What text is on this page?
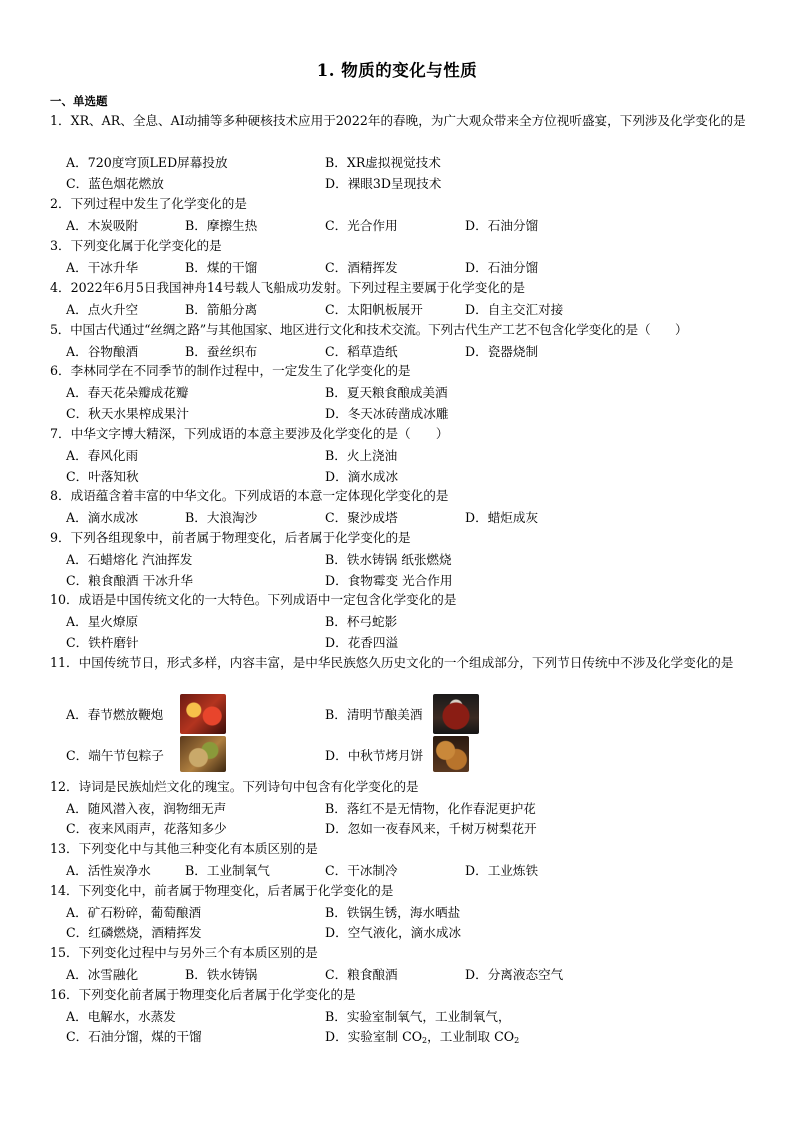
1. 物质的变化与性质
一、单选题
1．XR、AR、全息、AI动捕等多种硬核技术应用于2022年的春晚，为广大观众带来全方位视听盛宴，下列涉及化学变化的是
A．720度穹顶LED屏幕投放	B．XR虚拟视觉技术
C．蓝色烟花燃放	D．裸眼3D呈现技术
2．下列过程中发生了化学变化的是
A．木炭吸附	B．摩擦生热	C．光合作用	D．石油分馏
3．下列变化属于化学变化的是
A．干冰升华	B．煤的干馏	C．酒精挥发	D．石油分馏
4．2022年6月5日我国神舟14号载人飞船成功发射。下列过程主要属于化学变化的是
A．点火升空	B．箭船分离	C．太阳帆板展开	D．自主交汇对接
5．中国古代通过“丝绸之路”与其他国家、地区进行文化和技术交流。下列古代生产工艺不包含化学变化的是（　　）
A．谷物酿酒	B．蚕丝织布	C．稻草造纸	D．瓷器烧制
6．李林同学在不同季节的制作过程中，一定发生了化学变化的是
A．春天花朵瓣成花瓣	B．夏天粮食酿成美酒
C．秋天水果榨成果汁	D．冬天冰砖凿成冰雕
7．中华文字博大精深，下列成语的本意主要涉及化学变化的是（　　）
A．春风化雨	B．火上浇油
C．叶落知秋	D．滴水成冰
8．成语蕴含着丰富的中华文化。下列成语的本意一定体现化学变化的是
A．滴水成冰	B．大浪淘沙	C．聚沙成塔	D．蜡炬成灰
9．下列各组现象中，前者属于物理变化，后者属于化学变化的是
A．石蜡熔化 汽油挥发	B．铁水铸锅 纸张燃烧
C．粮食酿酒 干冰升华	D．食物霉变 光合作用
10．成语是中国传统文化的一大特色。下列成语中一定包含化学变化的是
A．星火燎原	B．杯弓蛇影
C．铁杵磨针	D．花香四溢
11．中国传统节日，形式多样，内容丰富，是中华民族悠久历史文化的一个组成部分，下列节日传统中不涉及化学变化的是
A．春节燃放鞭炮	B．清明节酿美酒
C．端午节包粽子	D．中秋节烤月饼
12．诗词是民族灿烂文化的瑰宝。下列诗句中包含有化学变化的是
A．随风潜入夜，润物细无声	B．落红不是无情物，化作春泥更护花
C．夜来风雨声，花落知多少	D．忽如一夜春风来，千树万树梨花开
13．下列变化中与其他三种变化有本质区别的是
A．活性炭净水	B．工业制氧气	C．干冰制冷	D．工业炼铁
14．下列变化中，前者属于物理变化，后者属于化学变化的是
A．矿石粉碎，葡萄酿酒	B．铁锅生锈，海水晒盐
C．红磷燃烧，酒精挥发	D．空气液化，滴水成冰
15．下列变化过程中与另外三个有本质区别的是
A．冰雪融化	B．铁水铸锅	C．粮食酿酒	D．分离液态空气
16．下列变化前者属于物理变化后者属于化学变化的是
A．电解水，水蒸发	B．实验室制氧气，工业制氧气，
C．石油分馏，煤的干馏	D．实验室制 $CO_2$，工业制取 $CO_2$
